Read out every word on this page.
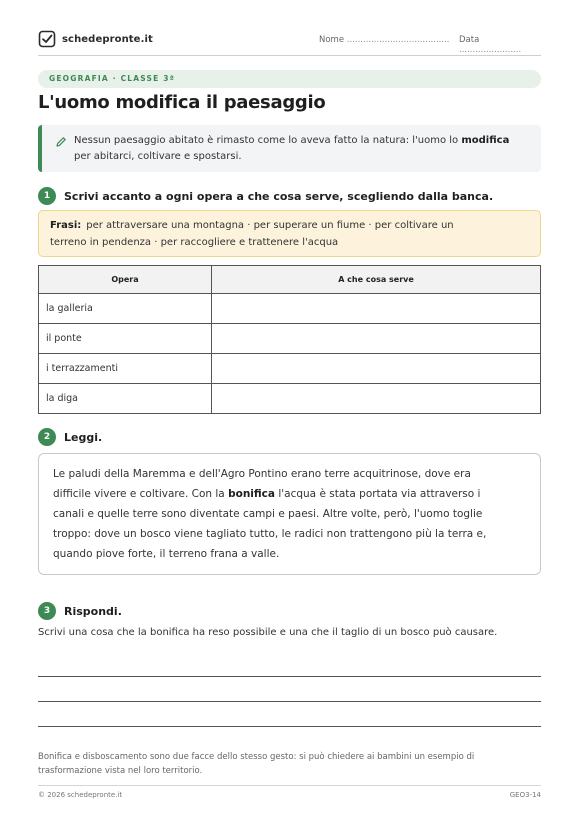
schedepronte.it	Nome ...................................... Data .......................
GEOGRAFIA · CLASSE 3ª
L'uomo modifica il paesaggio
Nessun paesaggio abitato è rimasto come lo aveva fatto la natura: l'uomo lo modifica
per abitarci, coltivare e spostarsi.
1	Scrivi accanto a ogni opera a che cosa serve, scegliendo dalla banca.
Frasi: per attraversare una montagna · per superare un fiume · per coltivare un
terreno in pendenza · per raccogliere e trattenere l'acqua
Opera	A che cosa serve
la galleria	
il ponte	
i terrazzamenti	
la diga	
2	Leggi.
Le paludi della Maremma e dell'Agro Pontino erano terre acquitrinose, dove era
difficile vivere e coltivare. Con la bonifica l'acqua è stata portata via attraverso i
canali e quelle terre sono diventate campi e paesi. Altre volte, però, l'uomo toglie
troppo: dove un bosco viene tagliato tutto, le radici non trattengono più la terra e,
quando piove forte, il terreno frana a valle.
3	Rispondi.
Scrivi una cosa che la bonifica ha reso possibile e una che il taglio di un bosco può causare.
Bonifica e disboscamento sono due facce dello stesso gesto: si può chiedere ai bambini un esempio di
trasformazione vista nel loro territorio.
© 2026 schedepronte.it	GEO3-14
